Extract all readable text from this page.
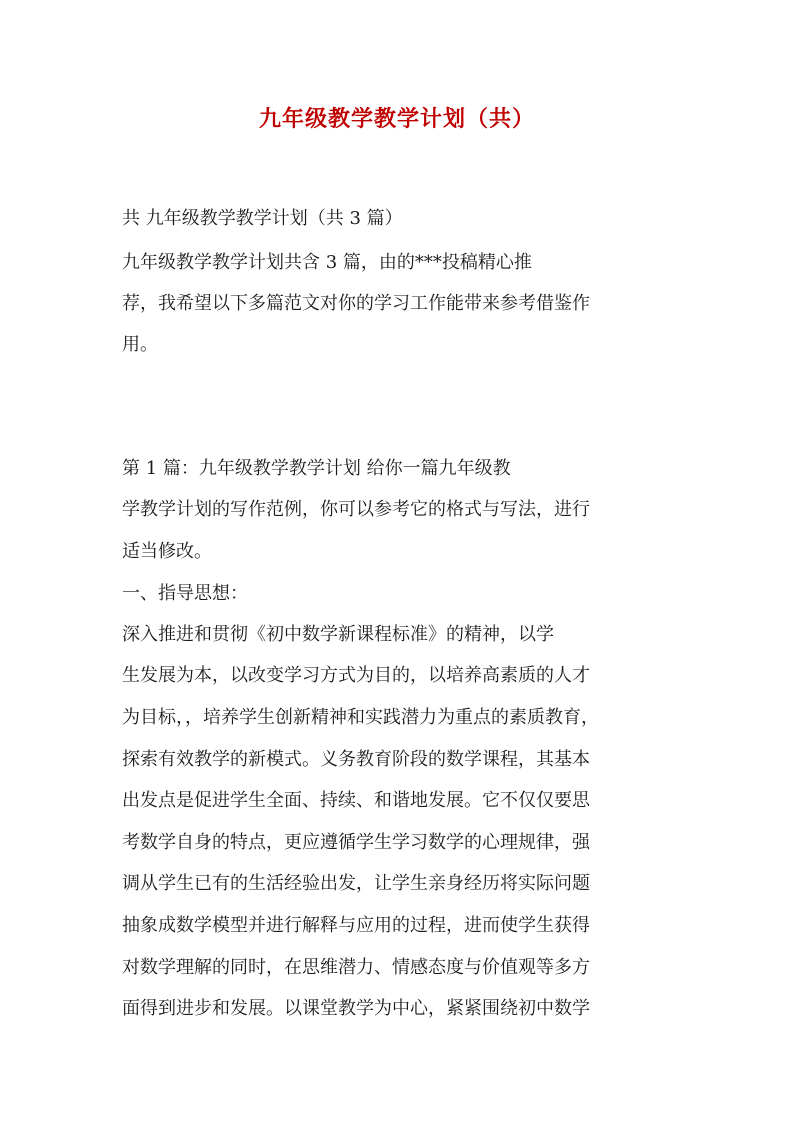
九年级教学教学计划（共）
共 九年级教学教学计划（共 3 篇）
九年级教学教学计划共含 3 篇，由的***投稿精心推
荐，我希望以下多篇范文对你的学习工作能带来参考借鉴作
用。
第 1 篇：九年级教学教学计划 给你一篇九年级教
学教学计划的写作范例，你可以参考它的格式与写法，进行
适当修改。
一、指导思想：
深入推进和贯彻《初中数学新课程标准》的精神，以学
生发展为本，以改变学习方式为目的，以培养高素质的人才
为目标，，培养学生创新精神和实践潜力为重点的素质教育，
探索有效教学的新模式。义务教育阶段的数学课程，其基本
出发点是促进学生全面、持续、和谐地发展。它不仅仅要思
考数学自身的特点，更应遵循学生学习数学的心理规律，强
调从学生已有的生活经验出发，让学生亲身经历将实际问题
抽象成数学模型并进行解释与应用的过程，进而使学生获得
对数学理解的同时，在思维潜力、情感态度与价值观等多方
面得到进步和发展。以课堂教学为中心，紧紧围绕初中数学
